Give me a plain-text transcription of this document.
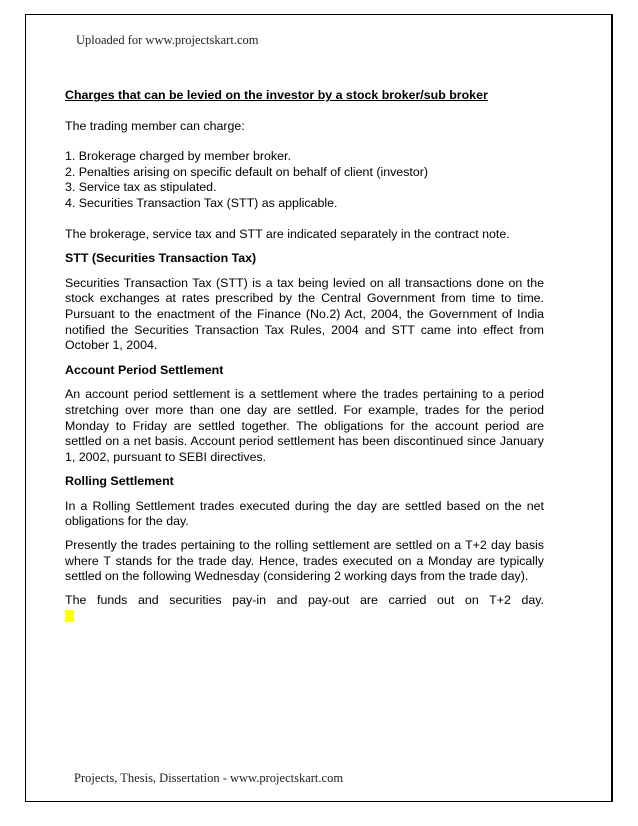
Uploaded for www.projectskart.com

Charges that can be levied on the investor by a stock broker/sub broker

The trading member can charge:

1. Brokerage charged by member broker.

2. Penalties arising on specific default on behalf of client (investor)

3. Service tax as stipulated.

4. Securities Transaction Tax (STT) as applicable.

The brokerage, service tax and STT are indicated separately in the contract note.

STT (Securities Transaction Tax)

Securities Transaction Tax (STT) is a tax being levied on all transactions done on the stock exchanges at rates prescribed by the Central Government from time to time. Pursuant to the enactment of the Finance (No.2) Act, 2004, the Government of India notified the Securities Transaction Tax Rules, 2004 and STT came into effect from October 1, 2004.

Account Period Settlement

An account period settlement is a settlement where the trades pertaining to a period stretching over more than one day are settled. For example, trades for the period Monday to Friday are settled together. The obligations for the account period are settled on a net basis. Account period settlement has been discontinued since January 1, 2002, pursuant to SEBI directives.

Rolling Settlement

In a Rolling Settlement trades executed during the day are settled based on the net obligations for the day.

Presently the trades pertaining to the rolling settlement are settled on a T+2 day basis where T stands for the trade day. Hence, trades executed on a Monday are typically settled on the following Wednesday (considering 2 working days from the trade day).

The funds and securities pay-in and pay-out are carried out on T+2 day.

Projects, Thesis, Dissertation - www.projectskart.com
